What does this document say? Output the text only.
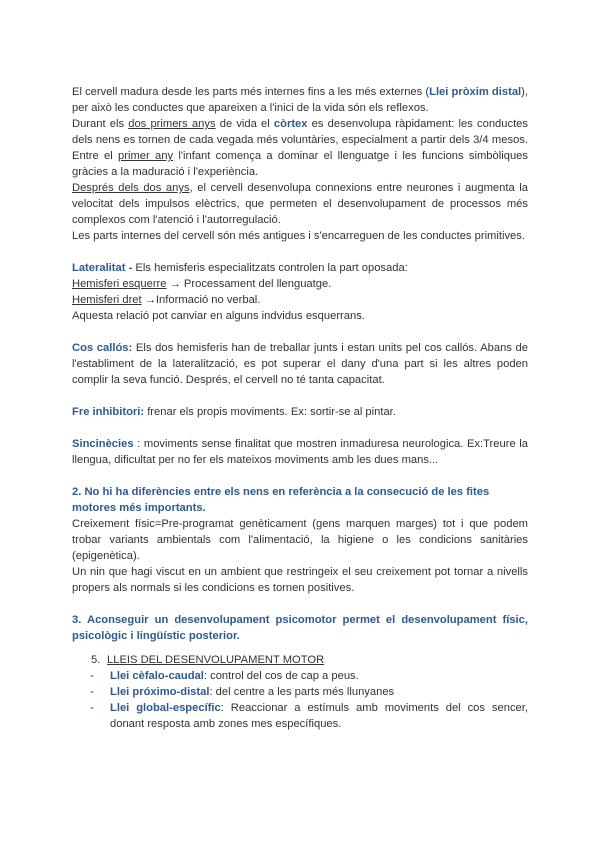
El cervell madura desde les parts més internes fins a les més externes (Llei pròxim distal), per això les conductes que apareixen a l'inici de la vida són els reflexos.

Durant els dos primers anys de vida el còrtex es desenvolupa ràpidament: les conductes dels nens es tornen de cada vegada més voluntàries, especialment a partir dels 3/4 mesos. Entre el primer any l'infant comença a dominar el llenguatge i les funcions simbòliques gràcies a la maduració i l'experiència.

Després dels dos anys, el cervell desenvolupa connexions entre neurones i augmenta la velocitat dels impulsos elèctrics, que permeten el desenvolupament de processos més complexos com l'atenció i l'autorregulació.

Les parts internes del cervell són més antigues i s'encarreguen de les conductes primitives.

Lateralitat - Els hemisferis especialitzats controlen la part oposada:

Hemisferi esquerre → Processament del llenguatge.

Hemisferi dret →Informació no verbal.

Aquesta relació pot canviar en alguns indvidus esquerrans.

Cos callós: Els dos hemisferis han de treballar junts i estan units pel cos callós. Abans de l'establiment de la lateralització, es pot superar el dany d'una part si les altres poden complir la seva funció. Després, el cervell no té tanta capacitat.

Fre inhibitori: frenar els propis moviments. Ex: sortir-se al pintar.

Sincinècies : moviments sense finalitat que mostren inmaduresa neurologica. Ex:Treure la llengua, dificultat per no fer els mateixos moviments amb les dues mans...

2. No hi ha diferències entre els nens en referència a la consecució de les fites motores més importants.

Creixement físic=Pre-programat genèticament (gens marquen marges) tot i que podem trobar variants ambientals com l'alimentació, la higiene o les condicions sanitàries (epigenètica).

Un nin que hagi viscut en un ambient que restringeix el seu creixement pot tornar a nivells propers als normals si les condicions es tornen positives.

3. Aconseguir un desenvolupament psicomotor permet el desenvolupament físic, psicològic i lingüístic posterior.

5. LLEIS DEL DESENVOLUPAMENT MOTOR
-	Llei cèfalo-caudal: control del cos de cap a peus.
-	Llei próximo-distal: del centre a les parts més llunyanes
-	Llei global-específic: Reaccionar a estímuls amb moviments del cos sencer, donant resposta amb zones mes específiques.
